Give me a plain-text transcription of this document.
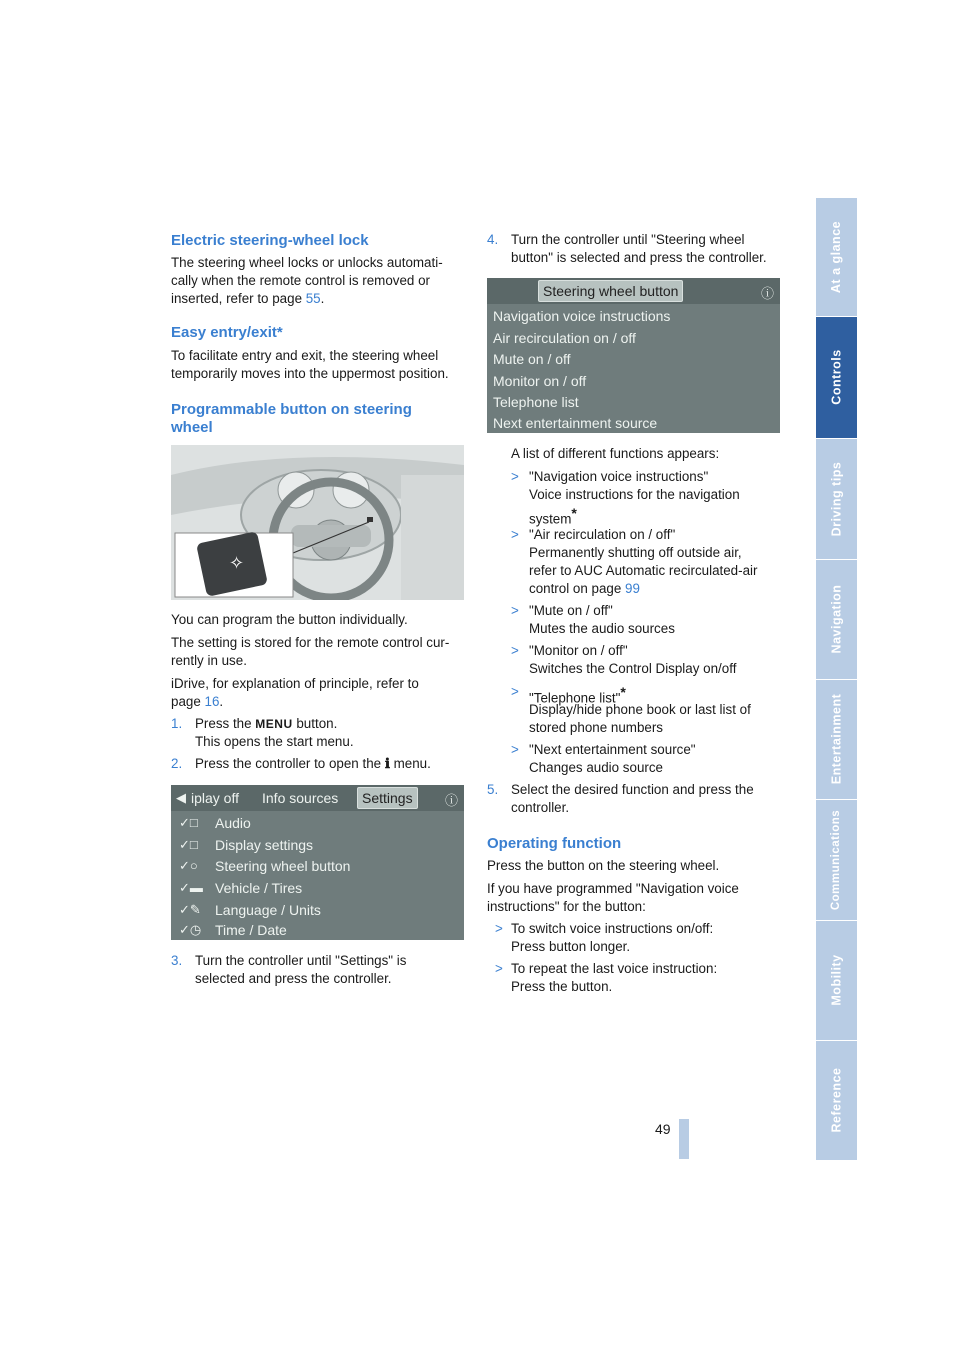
Reference
Mobility
Communications
Entertainment
Navigation
Driving tips
Controls
At a glance
Electric steering-wheel lock
The steering wheel locks or unlocks automati-
cally when the remote control is removed or
inserted, refer to page 55.
Easy entry/exit*
To facilitate entry and exit, the steering wheel
temporarily moves into the uppermost position.
Programmable button on steering
wheel
✧
You can program the button individually.
The setting is stored for the remote control cur-
rently in use.
iDrive, for explanation of principle, refer to
page 16.
1. Press the MENU button.
This opens the start menu.
2. Press the controller to open the ℹ menu.
◀ iplay off Info sources	Settings	ⓘ
✓□ Audio
✓□ Display settings
✓○ Steering wheel button
✓▬ Vehicle / Tires
✓✎ Language / Units
✓◷ Time / Date
3. Turn the controller until "Settings" is
selected and press the controller.
4. Turn the controller until "Steering wheel
button" is selected and press the controller.
Steering wheel button	ⓘ
Navigation voice instructions
Air recirculation on / off
Mute on / off
Monitor on / off
Telephone list
Next entertainment source
A list of different functions appears:
> "Navigation voice instructions"
Voice instructions for the navigation
system*
> "Air recirculation on / off"
Permanently shutting off outside air,
refer to AUC Automatic recirculated-air
control on page 99
> "Mute on / off"
Mutes the audio sources
> "Monitor on / off"
Switches the Control Display on/off
> "Telephone list"*
Display/hide phone book or last list of
stored phone numbers
> "Next entertainment source"
Changes audio source
5. Select the desired function and press the
controller.
Operating function
Press the button on the steering wheel.
If you have programmed "Navigation voice
instructions" for the button:
> To switch voice instructions on/off:
Press button longer.
> To repeat the last voice instruction:
Press the button.
49
